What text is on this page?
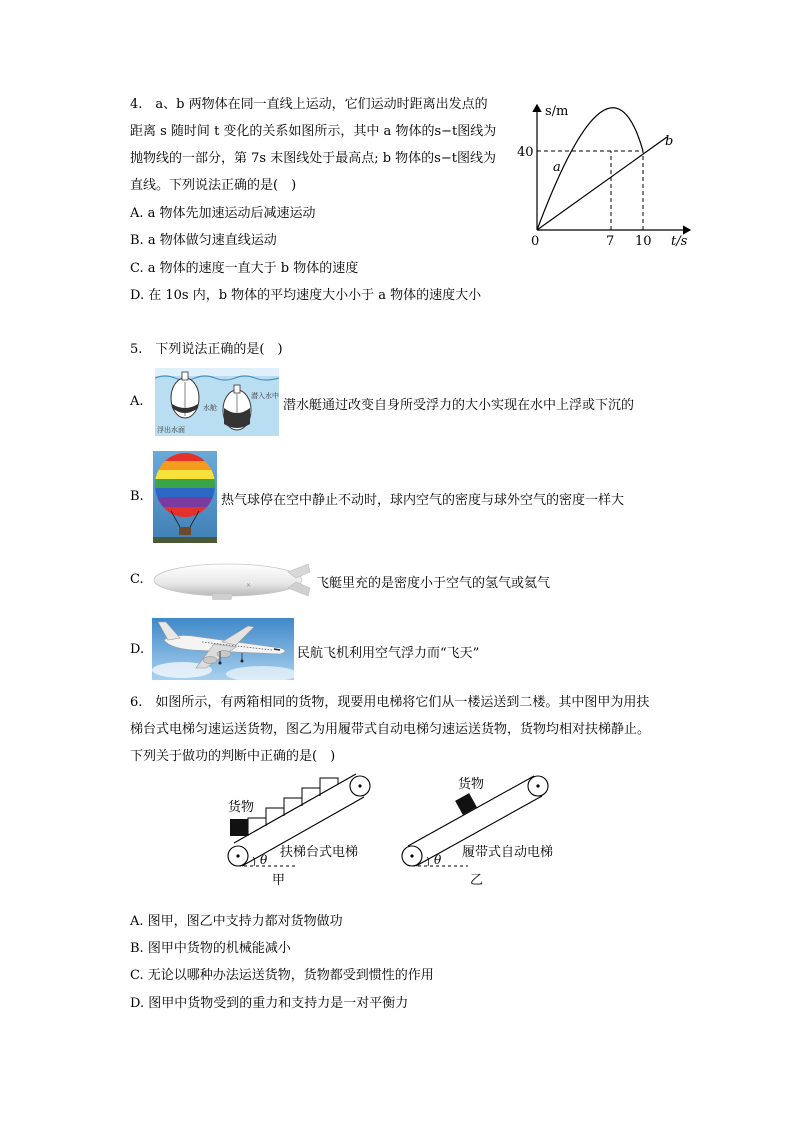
4.　a、b 两物体在同一直线上运动，它们运动时距离出发点的
距离 s 随时间 t 变化的关系如图所示，其中 a 物体的s−t图线为
抛物线的一部分，第 7s 末图线处于最高点; b 物体的s−t图线为
直线。下列说法正确的是(　)
A. a 物体先加速运动后减速运动
B. a 物体做匀速直线运动
C. a 物体的速度一直大于 b 物体的速度
D. 在 10s 内，b 物体的平均速度大小小于 a 物体的速度大小
s/m
t/s
0	7 10
40
a
b
5.　下列说法正确的是(　)
A.
浮出水面
水舱
潜入水中
潜水艇通过改变自身所受浮力的大小实现在水中上浮或下沉的
B.	热气球停在空中静止不动时，球内空气的密度与球外空气的密度一样大
C.	×	飞艇里充的是密度小于空气的氢气或氦气
D.	民航飞机利用空气浮力而“飞天”
6.　如图所示，有两箱相同的货物，现要用电梯将它们从一楼运送到二楼。其中图甲为用扶
梯台式电梯匀速运送货物，图乙为用履带式自动电梯匀速运送货物，货物均相对扶梯静止。
下列关于做功的判断中正确的是(　)
货物
扶梯台式电梯
θ
甲
货物
履带式自动电梯
θ
乙
A. 图甲，图乙中支持力都对货物做功
B. 图甲中货物的机械能减小
C. 无论以哪种办法运送货物，货物都受到惯性的作用
D. 图甲中货物受到的重力和支持力是一对平衡力
